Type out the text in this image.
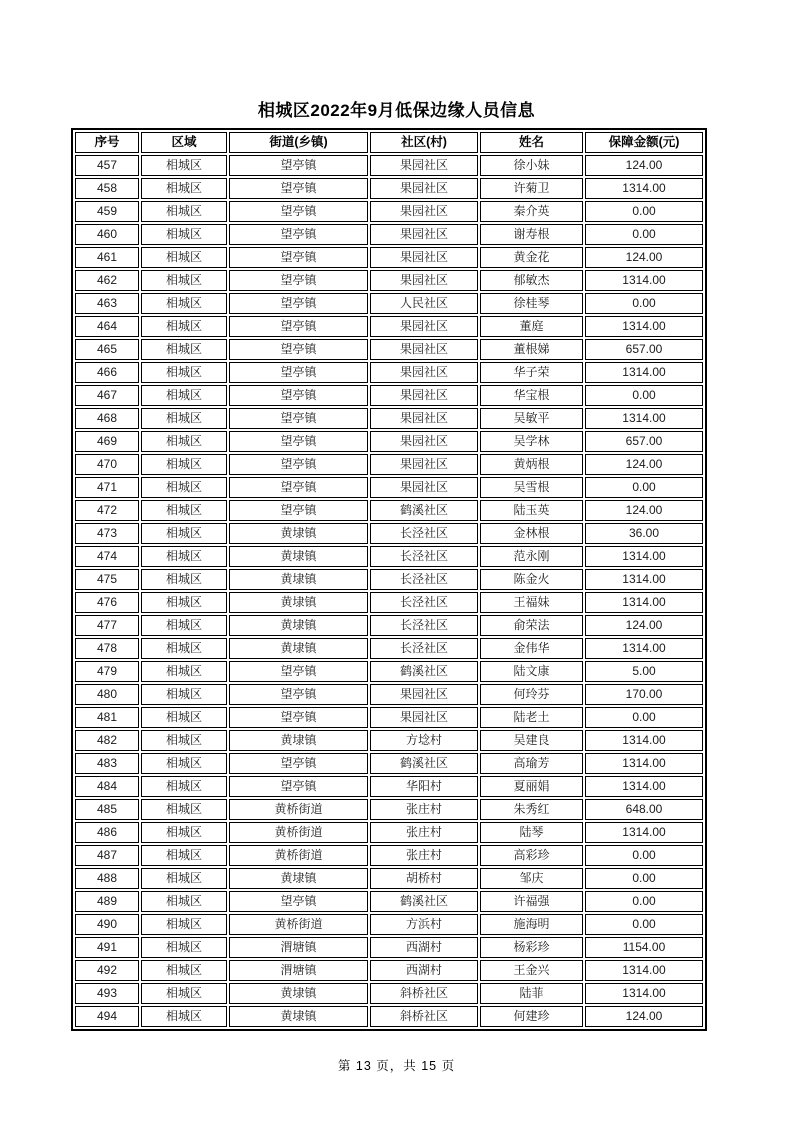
相城区2022年9月低保边缘人员信息
序号	区域	街道(乡镇)	社区(村)	姓名	保障金额(元)
457	相城区	望亭镇	果园社区	徐小妹	124.00
458	相城区	望亭镇	果园社区	许菊卫	1314.00
459	相城区	望亭镇	果园社区	秦介英	0.00
460	相城区	望亭镇	果园社区	谢寿根	0.00
461	相城区	望亭镇	果园社区	黄金花	124.00
462	相城区	望亭镇	果园社区	郁敏杰	1314.00
463	相城区	望亭镇	人民社区	徐桂琴	0.00
464	相城区	望亭镇	果园社区	董庭	1314.00
465	相城区	望亭镇	果园社区	董根娣	657.00
466	相城区	望亭镇	果园社区	华子荣	1314.00
467	相城区	望亭镇	果园社区	华宝根	0.00
468	相城区	望亭镇	果园社区	吴敏平	1314.00
469	相城区	望亭镇	果园社区	吴学林	657.00
470	相城区	望亭镇	果园社区	黄炳根	124.00
471	相城区	望亭镇	果园社区	吴雪根	0.00
472	相城区	望亭镇	鹤溪社区	陆玉英	124.00
473	相城区	黄埭镇	长泾社区	金林根	36.00
474	相城区	黄埭镇	长泾社区	范永刚	1314.00
475	相城区	黄埭镇	长泾社区	陈金火	1314.00
476	相城区	黄埭镇	长泾社区	王福妹	1314.00
477	相城区	黄埭镇	长泾社区	俞荣法	124.00
478	相城区	黄埭镇	长泾社区	金伟华	1314.00
479	相城区	望亭镇	鹤溪社区	陆文康	5.00
480	相城区	望亭镇	果园社区	何玲芬	170.00
481	相城区	望亭镇	果园社区	陆老土	0.00
482	相城区	黄埭镇	方埝村	吴建良	1314.00
483	相城区	望亭镇	鹤溪社区	高瑜芳	1314.00
484	相城区	望亭镇	华阳村	夏丽娟	1314.00
485	相城区	黄桥街道	张庄村	朱秀红	648.00
486	相城区	黄桥街道	张庄村	陆琴	1314.00
487	相城区	黄桥街道	张庄村	高彩珍	0.00
488	相城区	黄埭镇	胡桥村	邹庆	0.00
489	相城区	望亭镇	鹤溪社区	许福强	0.00
490	相城区	黄桥街道	方浜村	施海明	0.00
491	相城区	渭塘镇	西湖村	杨彩珍	1154.00
492	相城区	渭塘镇	西湖村	王金兴	1314.00
493	相城区	黄埭镇	斜桥社区	陆菲	1314.00
494	相城区	黄埭镇	斜桥社区	何建珍	124.00
第 13 页，共 15 页
